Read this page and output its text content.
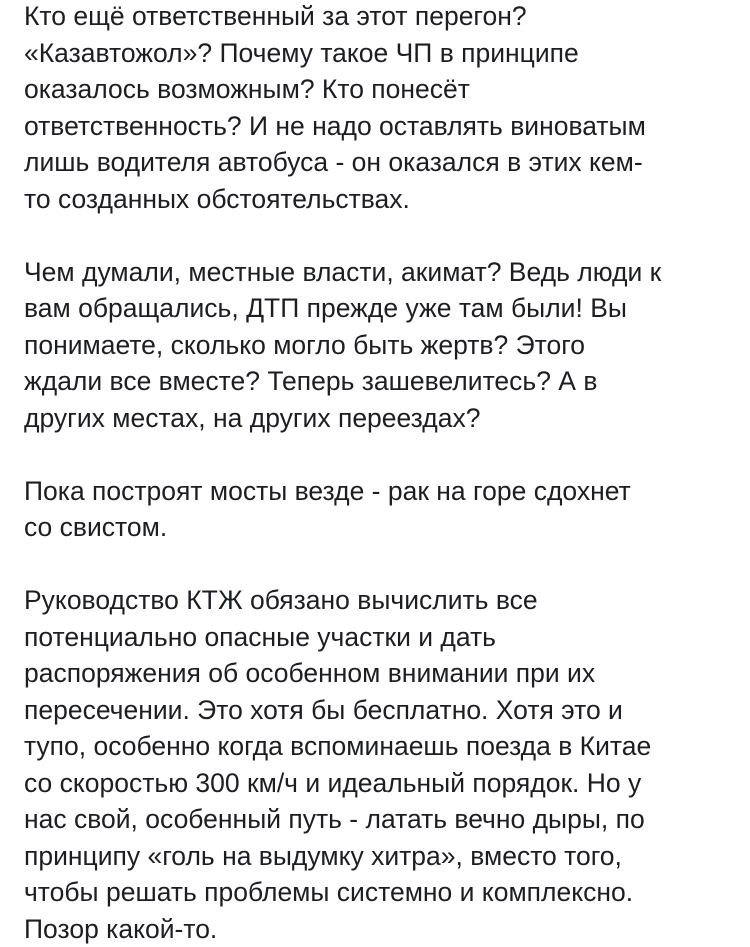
Кто ещё ответственный за этот перегон?
«Казавтожол»? Почему такое ЧП в принципе
оказалось возможным? Кто понесёт
ответственность? И не надо оставлять виноватым
лишь водителя автобуса - он оказался в этих кем-
то созданных обстоятельствах.

Чем думали, местные власти, акимат? Ведь люди к
вам обращались, ДТП прежде уже там были! Вы
понимаете, сколько могло быть жертв? Этого
ждали все вместе? Теперь зашевелитесь? А в
других местах, на других переездах?

Пока построят мосты везде - рак на горе сдохнет
со свистом.

Руководство КТЖ обязано вычислить все
потенциально опасные участки и дать
распоряжения об особенном внимании при их
пересечении. Это хотя бы бесплатно. Хотя это и
тупо, особенно когда вспоминаешь поезда в Китае
со скоростью 300 км/ч и идеальный порядок. Но у
нас свой, особенный путь - латать вечно дыры, по
принципу «голь на выдумку хитра», вместо того,
чтобы решать проблемы системно и комплексно.
Позор какой-то.
